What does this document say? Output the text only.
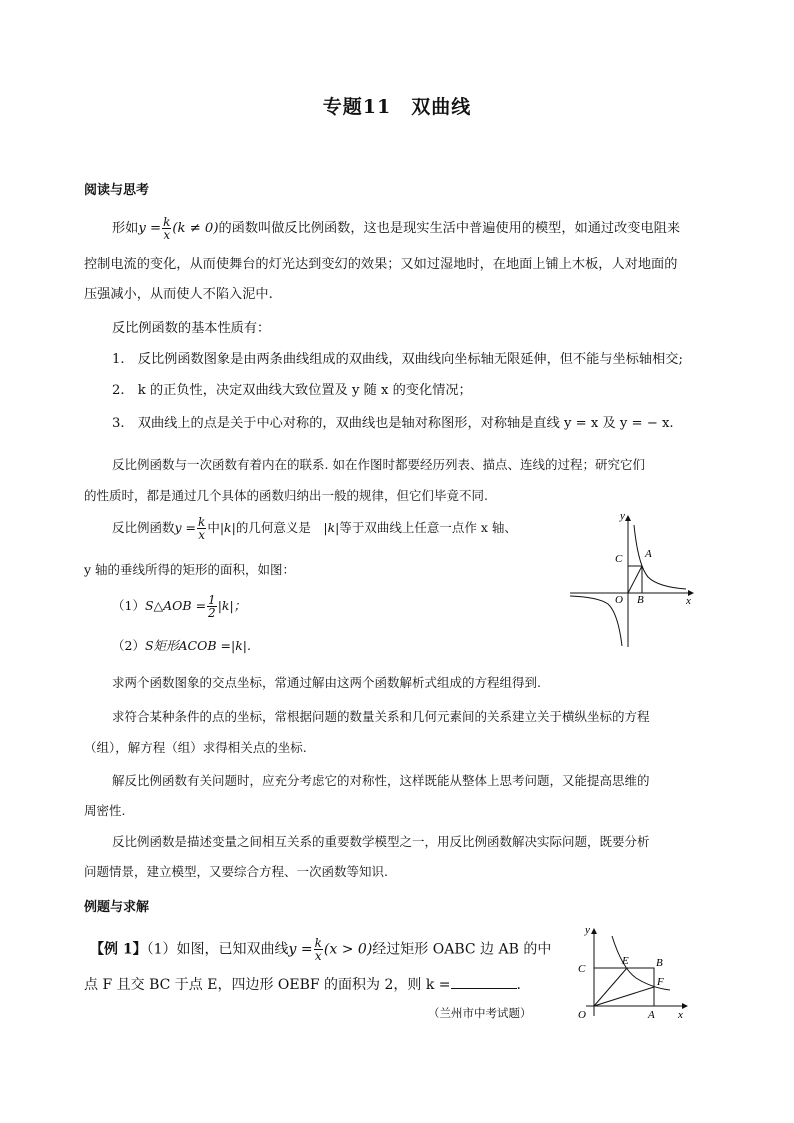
专题11　双曲线
阅读与思考
形如$y = \frac{k}{x} (k \ne 0)$的函数叫做反比例函数，这也是现实生活中普遍使用的模型，如通过改变电阻来
控制电流的变化，从而使舞台的灯光达到变幻的效果；又如过湿地时，在地面上铺上木板，人对地面的
压强减小，从而使人不陷入泥中.
反比例函数的基本性质有：
1.　反比例函数图象是由两条曲线组成的双曲线，双曲线向坐标轴无限延伸，但不能与坐标轴相交;
2.　k 的正负性，决定双曲线大致位置及 y 随 x 的变化情况；
3.　双曲线上的点是关于中心对称的，双曲线也是轴对称图形，对称轴是直线 y = x 及 y = − x.
反比例函数与一次函数有着内在的联系. 如在作图时都要经历列表、描点、连线的过程；研究它们
的性质时，都是通过几个具体的函数归纳出一般的规律，但它们毕竟不同.
反比例函数$y = \frac{k}{x}$ 中|k|的几何意义是　 |k|等于双曲线上任意一点作 x 轴、
y 轴的垂线所得的矩形的面积，如图：
（1）S△AOB = $\frac{1}{2} |k|$；
（2）S矩形ACOB =|k|.
求两个函数图象的交点坐标，常通过解由这两个函数解析式组成的方程组得到.
求符合某种条件的点的坐标，常根据问题的数量关系和几何元素间的关系建立关于横纵坐标的方程
（组），解方程（组）求得相关点的坐标.
解反比例函数有关问题时，应充分考虑它的对称性，这样既能从整体上思考问题，又能提高思维的
周密性.
反比例函数是描述变量之间相互关系的重要数学模型之一，用反比例函数解决实际问题，既要分析
问题情景，建立模型，又要综合方程、一次函数等知识.
例题与求解
【例 1】（1）如图，已知双曲线$y = \frac{k}{x} (x > 0)$经过矩形 OABC 边 AB 的中
点 F 且交 BC 于点 E，四边形 OEBF 的面积为 2，则 k =	.
（兰州市中考试题）
y
x
O
A
B
C
y
x
O	A
B
C
E
F
